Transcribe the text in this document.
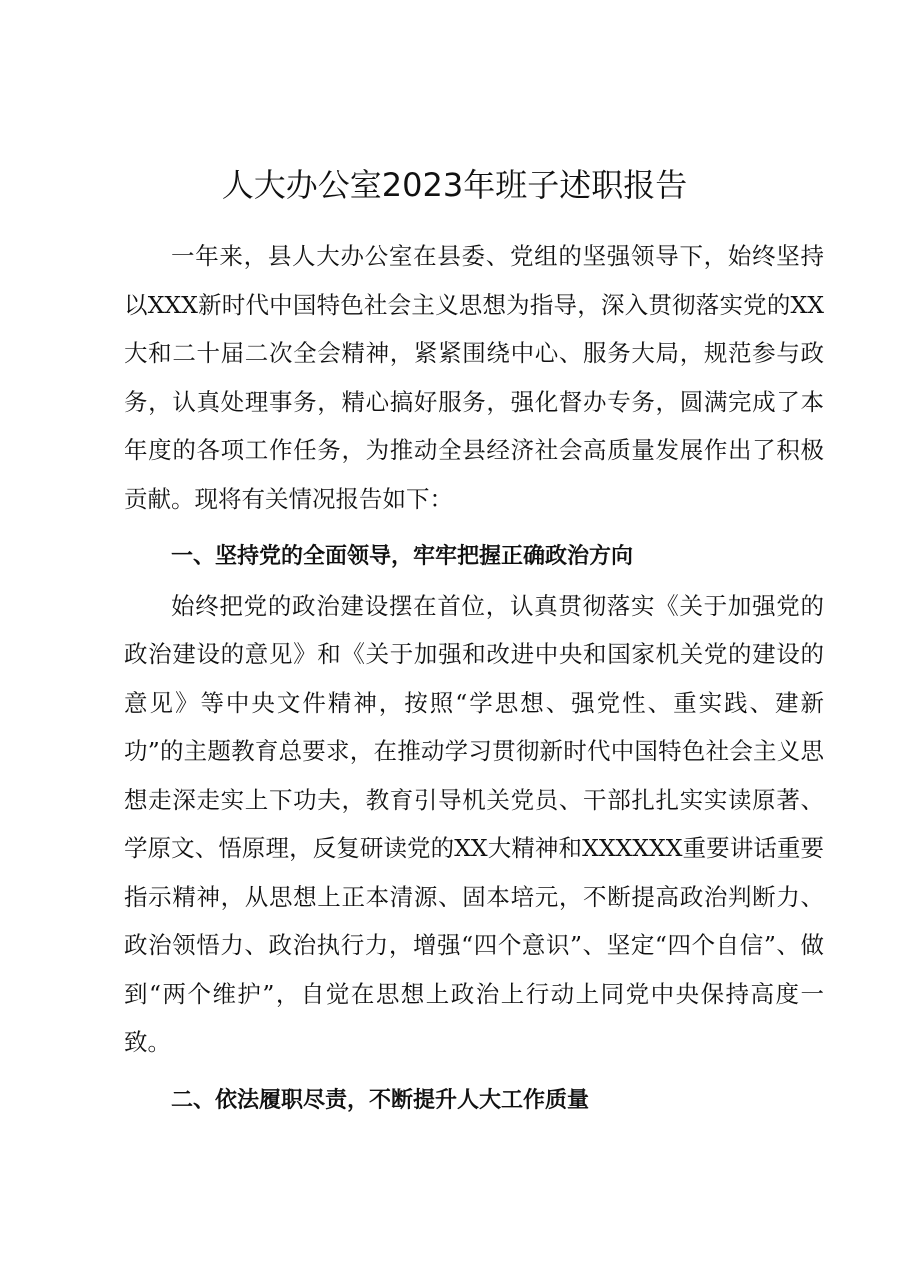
人大办公室2023年班子述职报告

一年来，县人大办公室在县委、党组的坚强领导下，始终坚持以XXX新时代中国特色社会主义思想为指导，深入贯彻落实党的XX大和二十届二次全会精神，紧紧围绕中心、服务大局，规范参与政务，认真处理事务，精心搞好服务，强化督办专务，圆满完成了本年度的各项工作任务，为推动全县经济社会高质量发展作出了积极贡献。现将有关情况报告如下：

一、坚持党的全面领导，牢牢把握正确政治方向

始终把党的政治建设摆在首位，认真贯彻落实《关于加强党的政治建设的意见》和《关于加强和改进中央和国家机关党的建设的意见》等中央文件精神，按照“学思想、强党性、重实践、建新功”的主题教育总要求，在推动学习贯彻新时代中国特色社会主义思想走深走实上下功夫，教育引导机关党员、干部扎扎实实读原著、学原文、悟原理，反复研读党的XX大精神和XXXXXX重要讲话重要指示精神，从思想上正本清源、固本培元，不断提高政治判断力、政治领悟力、政治执行力，增强“四个意识”、坚定“四个自信”、做到“两个维护”，自觉在思想上政治上行动上同党中央保持高度一致。

二、依法履职尽责，不断提升人大工作质量
